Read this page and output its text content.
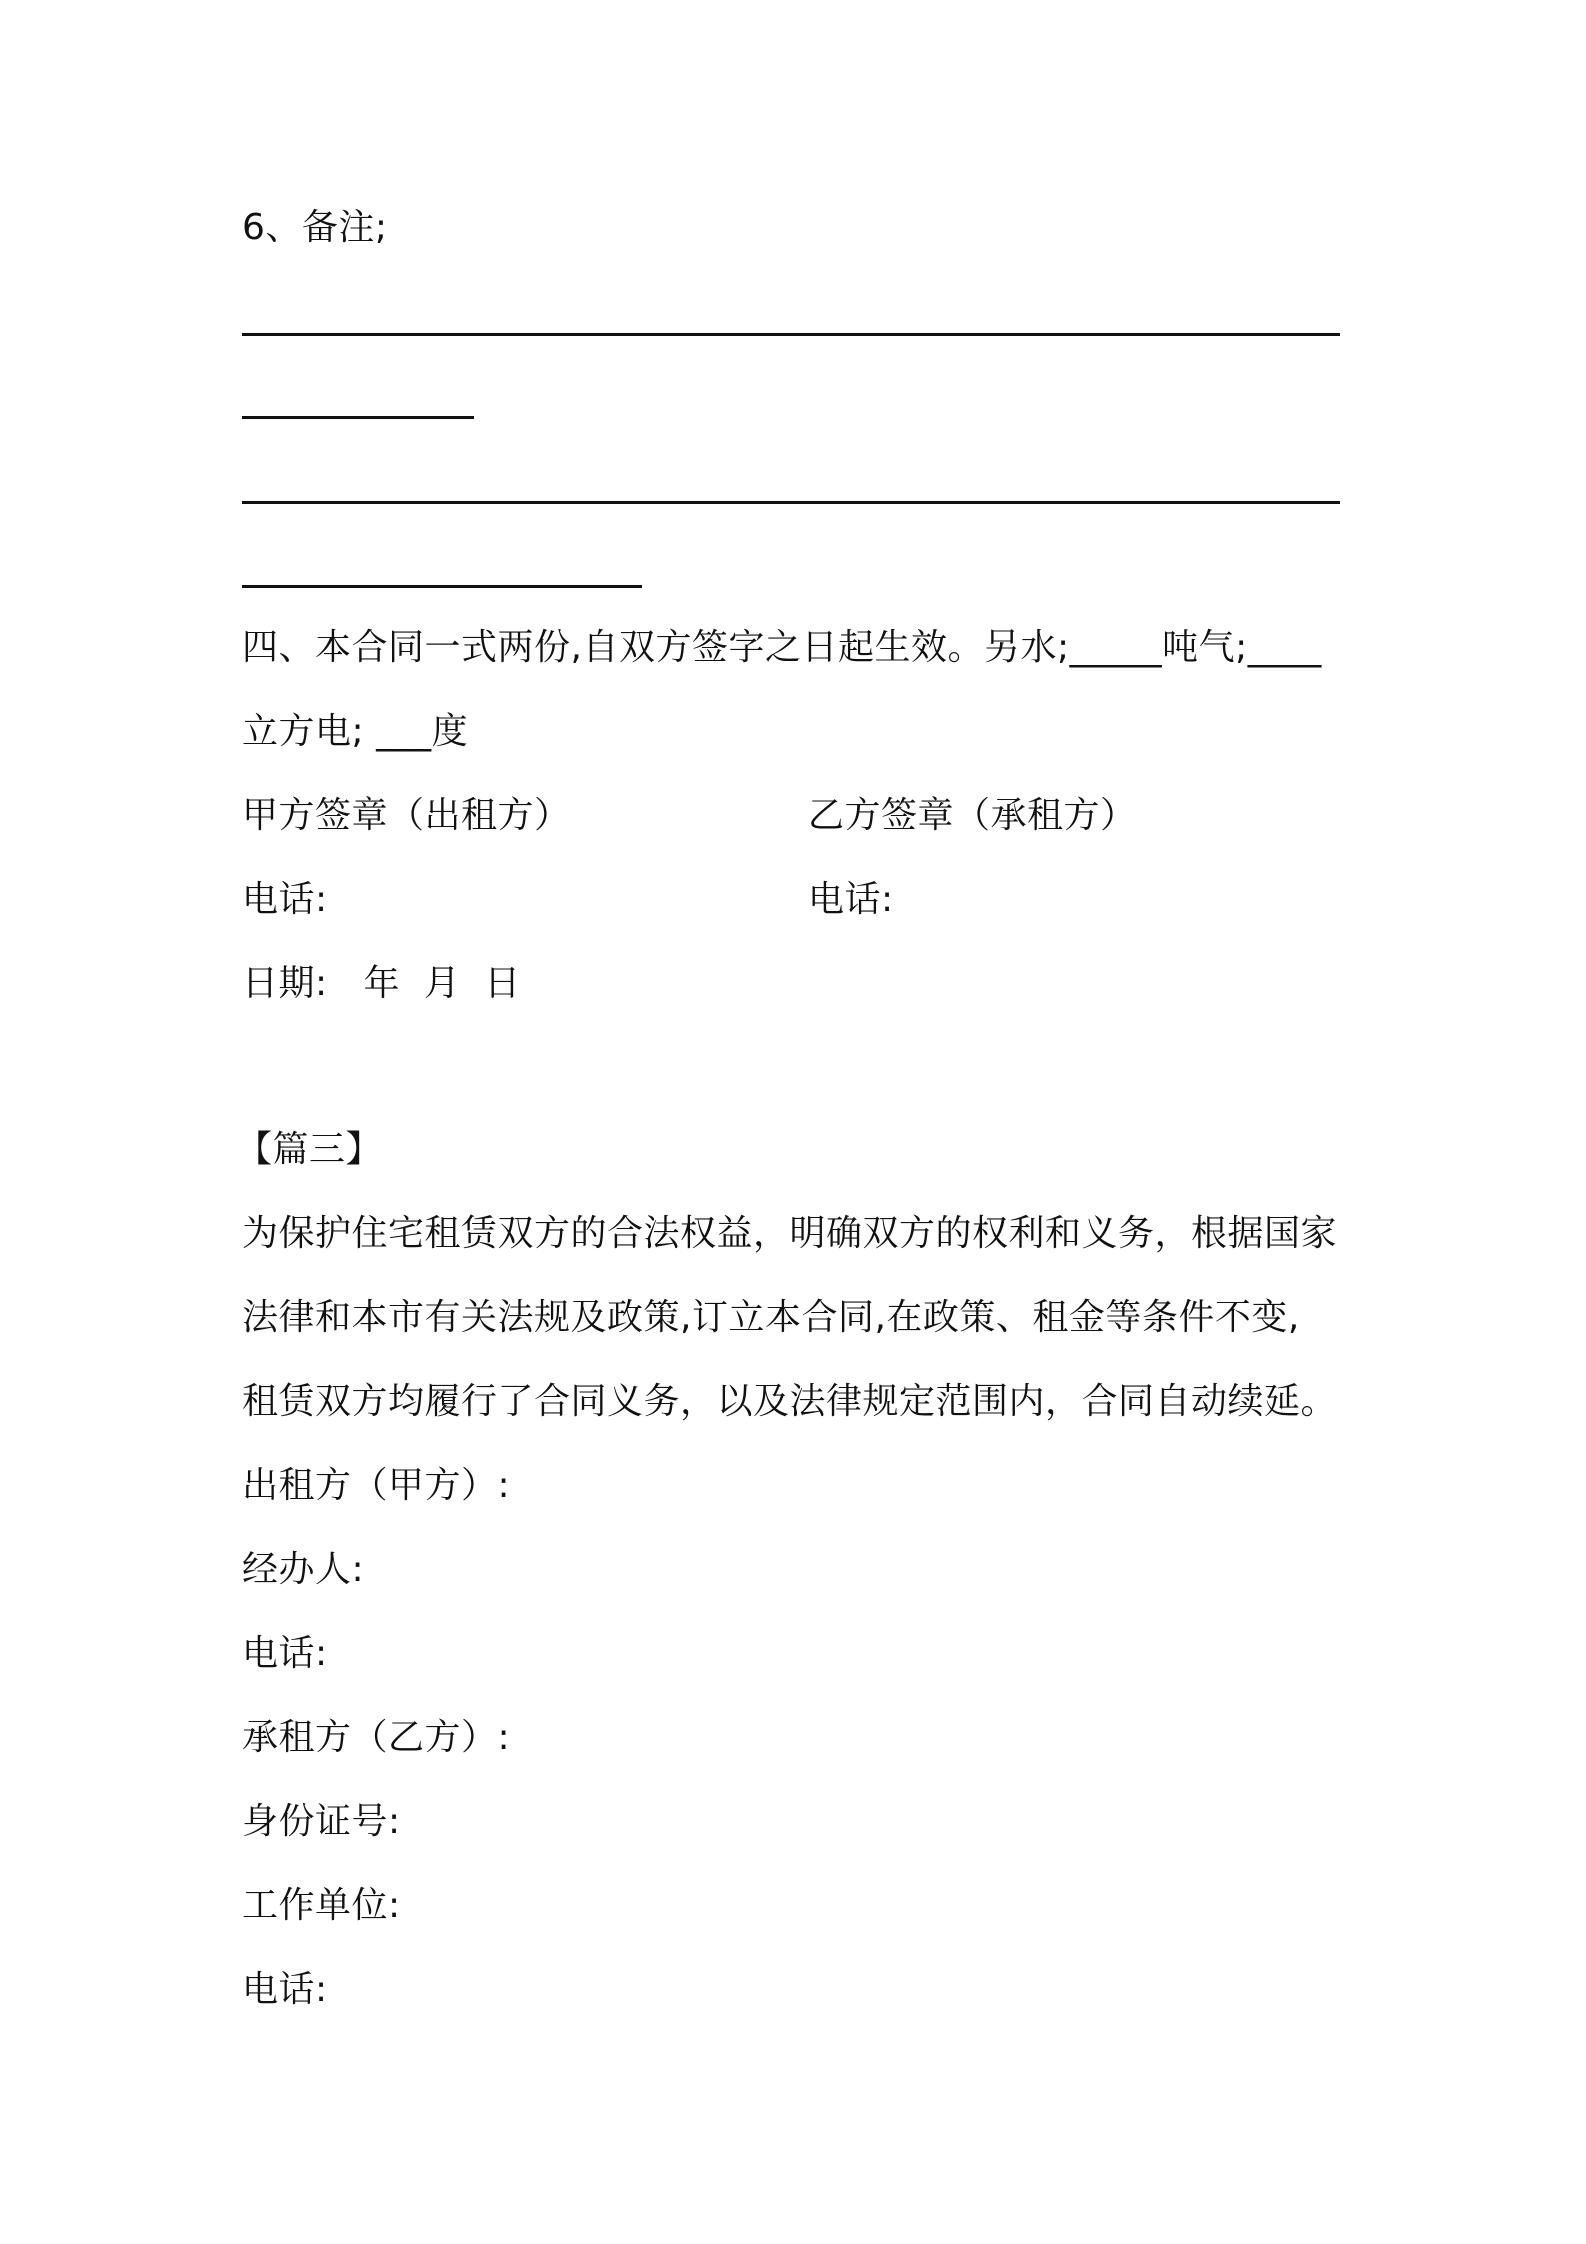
6、备注;
四、本合同一式两份,自双方签字之日起生效。另水;_____吨气;____
立方电; ___度
甲方签章（出租方）	乙方签章（承租方）
电话:	电话:
日期:   年  月  日
【篇三】
为保护住宅租赁双方的合法权益，明确双方的权利和义务，根据国家
法律和本市有关法规及政策,订立本合同,在政策、租金等条件不变,
租赁双方均履行了合同义务，以及法律规定范围内，合同自动续延。
出租方（甲方）:
经办人:
电话:
承租方（乙方）:
身份证号:
工作单位:
电话:
